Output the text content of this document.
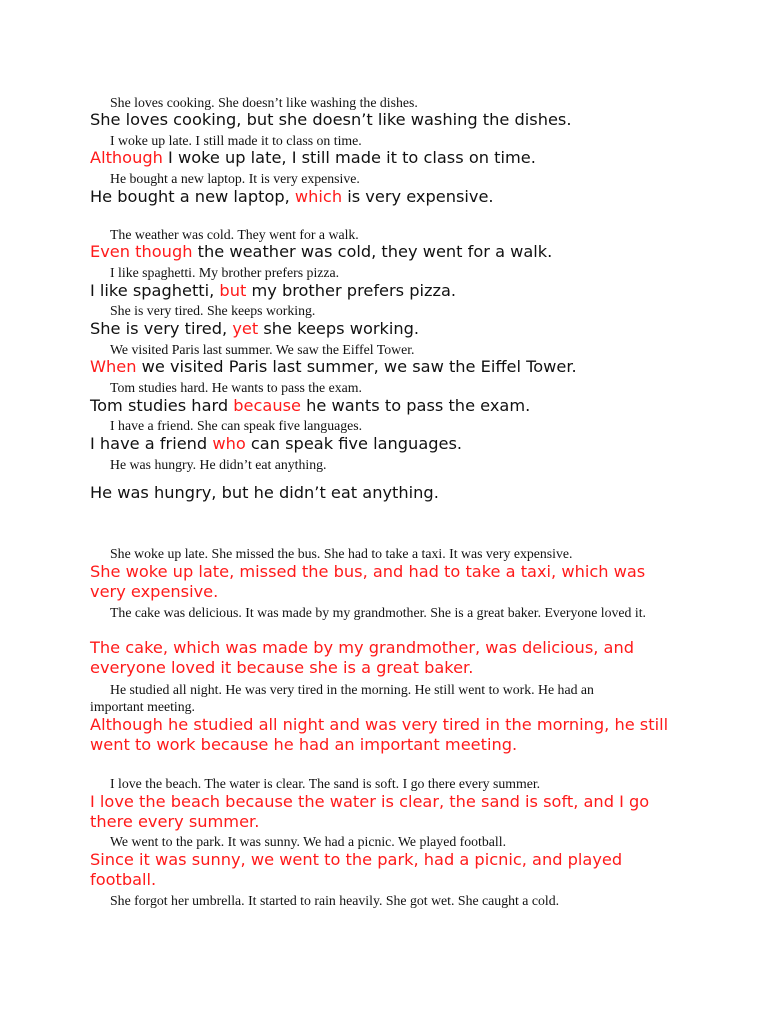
She loves cooking. She doesn’t like washing the dishes.
She loves cooking, but she doesn’t like washing the dishes.
I woke up late. I still made it to class on time.
Although I woke up late, I still made it to class on time.
He bought a new laptop. It is very expensive.
He bought a new laptop, which is very expensive.
The weather was cold. They went for a walk.
Even though the weather was cold, they went for a walk.
I like spaghetti. My brother prefers pizza.
I like spaghetti, but my brother prefers pizza.
She is very tired. She keeps working.
She is very tired, yet she keeps working.
We visited Paris last summer. We saw the Eiffel Tower.
When we visited Paris last summer, we saw the Eiffel Tower.
Tom studies hard. He wants to pass the exam.
Tom studies hard because he wants to pass the exam.
I have a friend. She can speak five languages.
I have a friend who can speak five languages.
He was hungry. He didn’t eat anything.
He was hungry, but he didn’t eat anything.
She woke up late. She missed the bus. She had to take a taxi. It was very expensive.
She woke up late, missed the bus, and had to take a taxi, which was very expensive.
The cake was delicious. It was made by my grandmother. She is a great baker. Everyone loved it.
The cake, which was made by my grandmother, was delicious, and everyone loved it because she is a great baker.
He studied all night. He was very tired in the morning. He still went to work. He had an important meeting.
Although he studied all night and was very tired in the morning, he still went to work because he had an important meeting.
I love the beach. The water is clear. The sand is soft. I go there every summer.
I love the beach because the water is clear, the sand is soft, and I go there every summer.
We went to the park. It was sunny. We had a picnic. We played football.
Since it was sunny, we went to the park, had a picnic, and played football.
She forgot her umbrella. It started to rain heavily. She got wet. She caught a cold.
